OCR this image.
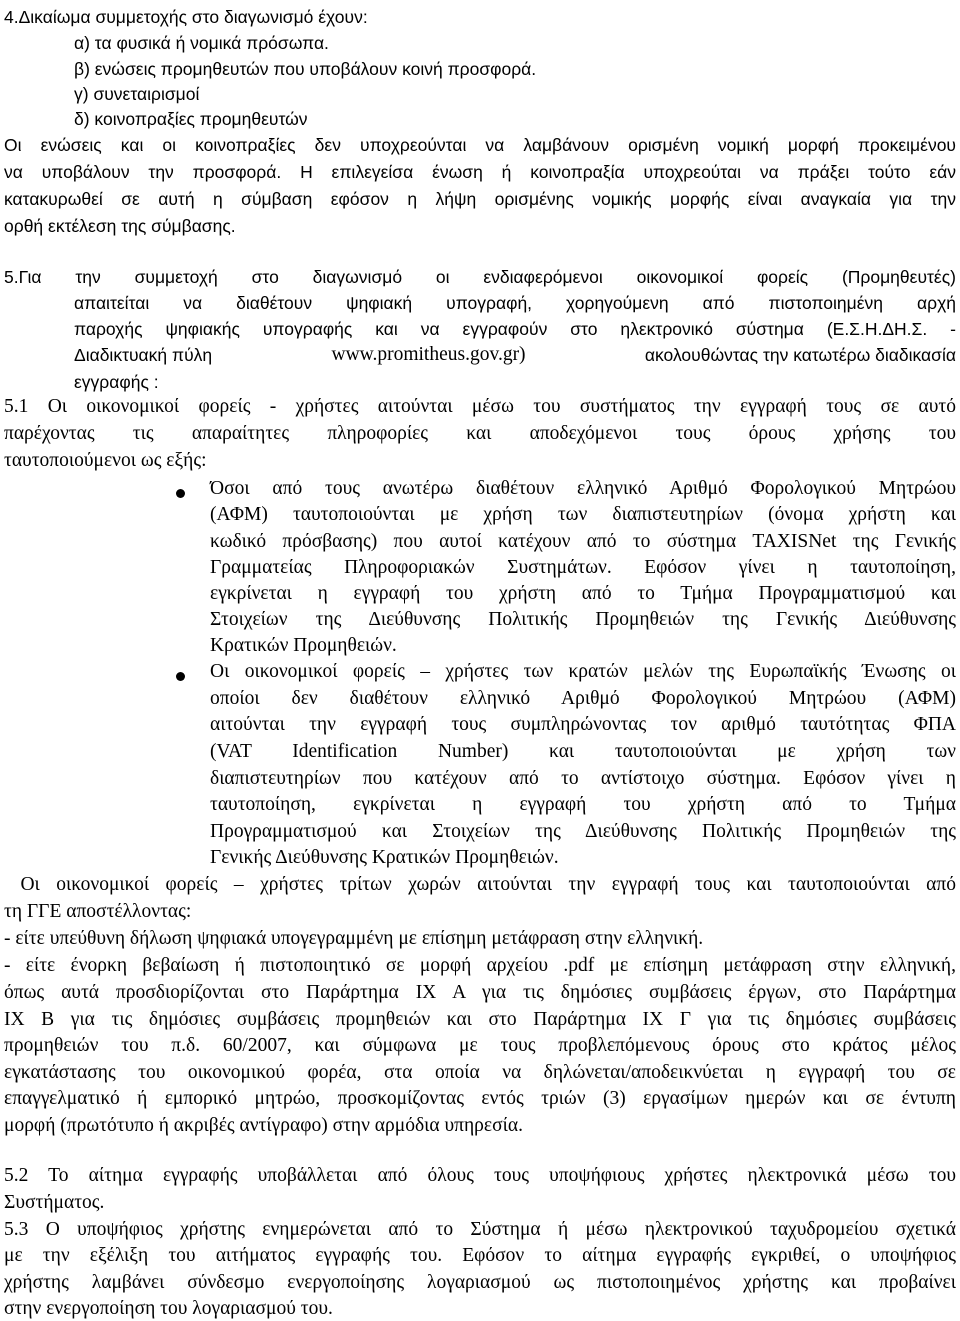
4.Δικαίωμα συμμετοχής στο διαγωνισμό έχουν:
α) τα φυσικά ή νομικά πρόσωπα.
β) ενώσεις προμηθευτών που υποβάλουν κοινή προσφορά.
γ) συνεταιρισμοί
δ) κοινοπραξίες προμηθευτών
Οι ενώσεις και οι κοινοπραξίες δεν υποχρεούνται να λαμβάνουν ορισμένη νομική μορφή προκειμένου
να υποβάλουν την προσφορά. Η επιλεγείσα ένωση ή κοινοπραξία υποχρεούται να πράξει τούτο εάν
κατακυρωθεί σε αυτή η σύμβαση εφόσον η λήψη ορισμένης νομικής μορφής είναι αναγκαία για την
ορθή εκτέλεση της σύμβασης.
5.Για την συμμετοχή στο διαγωνισμό οι ενδιαφερόμενοι οικονομικοί φορείς (Προμηθευτές)
απαιτείται να διαθέτουν ψηφιακή υπογραφή, χορηγούμενη από πιστοποιημένη αρχή
παροχής ψηφιακής υπογραφής και να εγγραφούν στο ηλεκτρονικό σύστημα (Ε.Σ.Η.ΔΗ.Σ. -
Διαδικτυακή πύλη	www.promitheus.gov.gr)	ακολουθώντας την κατωτέρω διαδικασία
εγγραφής :
5.1 Οι οικονομικοί φορείς - χρήστες αιτούνται μέσω του συστήματος την εγγραφή τους σε αυτό
παρέχοντας τις απαραίτητες πληροφορίες και αποδεχόμενοι τους όρους χρήσης του
ταυτοποιούμενοι ως εξής:
Όσοι από τους ανωτέρω διαθέτουν ελληνικό Αριθμό Φορολογικού Μητρώου
(ΑΦΜ) ταυτοποιούνται με χρήση των διαπιστευτηρίων (όνομα χρήστη και
κωδικό πρόσβασης) που αυτοί κατέχουν από το σύστημα TAXISNet της Γενικής
Γραμματείας Πληροφοριακών Συστημάτων. Εφόσον γίνει η ταυτοποίηση,
εγκρίνεται η εγγραφή του χρήστη από το Τμήμα Προγραμματισμού και
Στοιχείων της Διεύθυνσης Πολιτικής Προμηθειών της Γενικής Διεύθυνσης
Κρατικών Προμηθειών.
Οι οικονομικοί φορείς – χρήστες των κρατών μελών της Ευρωπαϊκής Ένωσης οι
οποίοι δεν διαθέτουν ελληνικό Αριθμό Φορολογικού Μητρώου (ΑΦΜ)
αιτούνται την εγγραφή τους συμπληρώνοντας τον αριθμό ταυτότητας ΦΠΑ
(VAT Identification Number) και ταυτοποιούνται με χρήση των
διαπιστευτηρίων που κατέχουν από το αντίστοιχο σύστημα. Εφόσον γίνει η
ταυτοποίηση, εγκρίνεται η εγγραφή του χρήστη από το Τμήμα
Προγραμματισμού και Στοιχείων της Διεύθυνσης Πολιτικής Προμηθειών της
Γενικής Διεύθυνσης Κρατικών Προμηθειών.
Οι οικονομικοί φορείς – χρήστες τρίτων χωρών αιτούνται την εγγραφή τους και ταυτοποιούνται από
τη ΓΓΕ αποστέλλοντας:
- είτε υπεύθυνη δήλωση ψηφιακά υπογεγραμμένη με επίσημη μετάφραση στην ελληνική.
- είτε ένορκη βεβαίωση ή πιστοποιητικό σε μορφή αρχείου .pdf με επίσημη μετάφραση στην ελληνική,
όπως αυτά προσδιορίζονται στο Παράρτημα ΙΧ Α για τις δημόσιες συμβάσεις έργων, στο Παράρτημα
ΙΧ Β για τις δημόσιες συμβάσεις προμηθειών και στο Παράρτημα ΙΧ Γ για τις δημόσιες συμβάσεις
προμηθειών του π.δ. 60/2007, και σύμφωνα με τους προβλεπόμενους όρους στο κράτος μέλος
εγκατάστασης του οικονομικού φορέα, στα οποία να δηλώνεται/αποδεικνύεται η εγγραφή του σε
επαγγελματικό ή εμπορικό μητρώο, προσκομίζοντας εντός τριών (3) εργασίμων ημερών και σε έντυπη
μορφή (πρωτότυπο ή ακριβές αντίγραφο) στην αρμόδια υπηρεσία.
5.2 Το αίτημα εγγραφής υποβάλλεται από όλους τους υποψήφιους χρήστες ηλεκτρονικά μέσω του
Συστήματος.
5.3 Ο υποψήφιος χρήστης ενημερώνεται από το Σύστημα ή μέσω ηλεκτρονικού ταχυδρομείου σχετικά
με την εξέλιξη του αιτήματος εγγραφής του. Εφόσον το αίτημα εγγραφής εγκριθεί, ο υποψήφιος
χρήστης λαμβάνει σύνδεσμο ενεργοποίησης λογαριασμού ως πιστοποιημένος χρήστης και προβαίνει
στην ενεργοποίηση του λογαριασμού του.
